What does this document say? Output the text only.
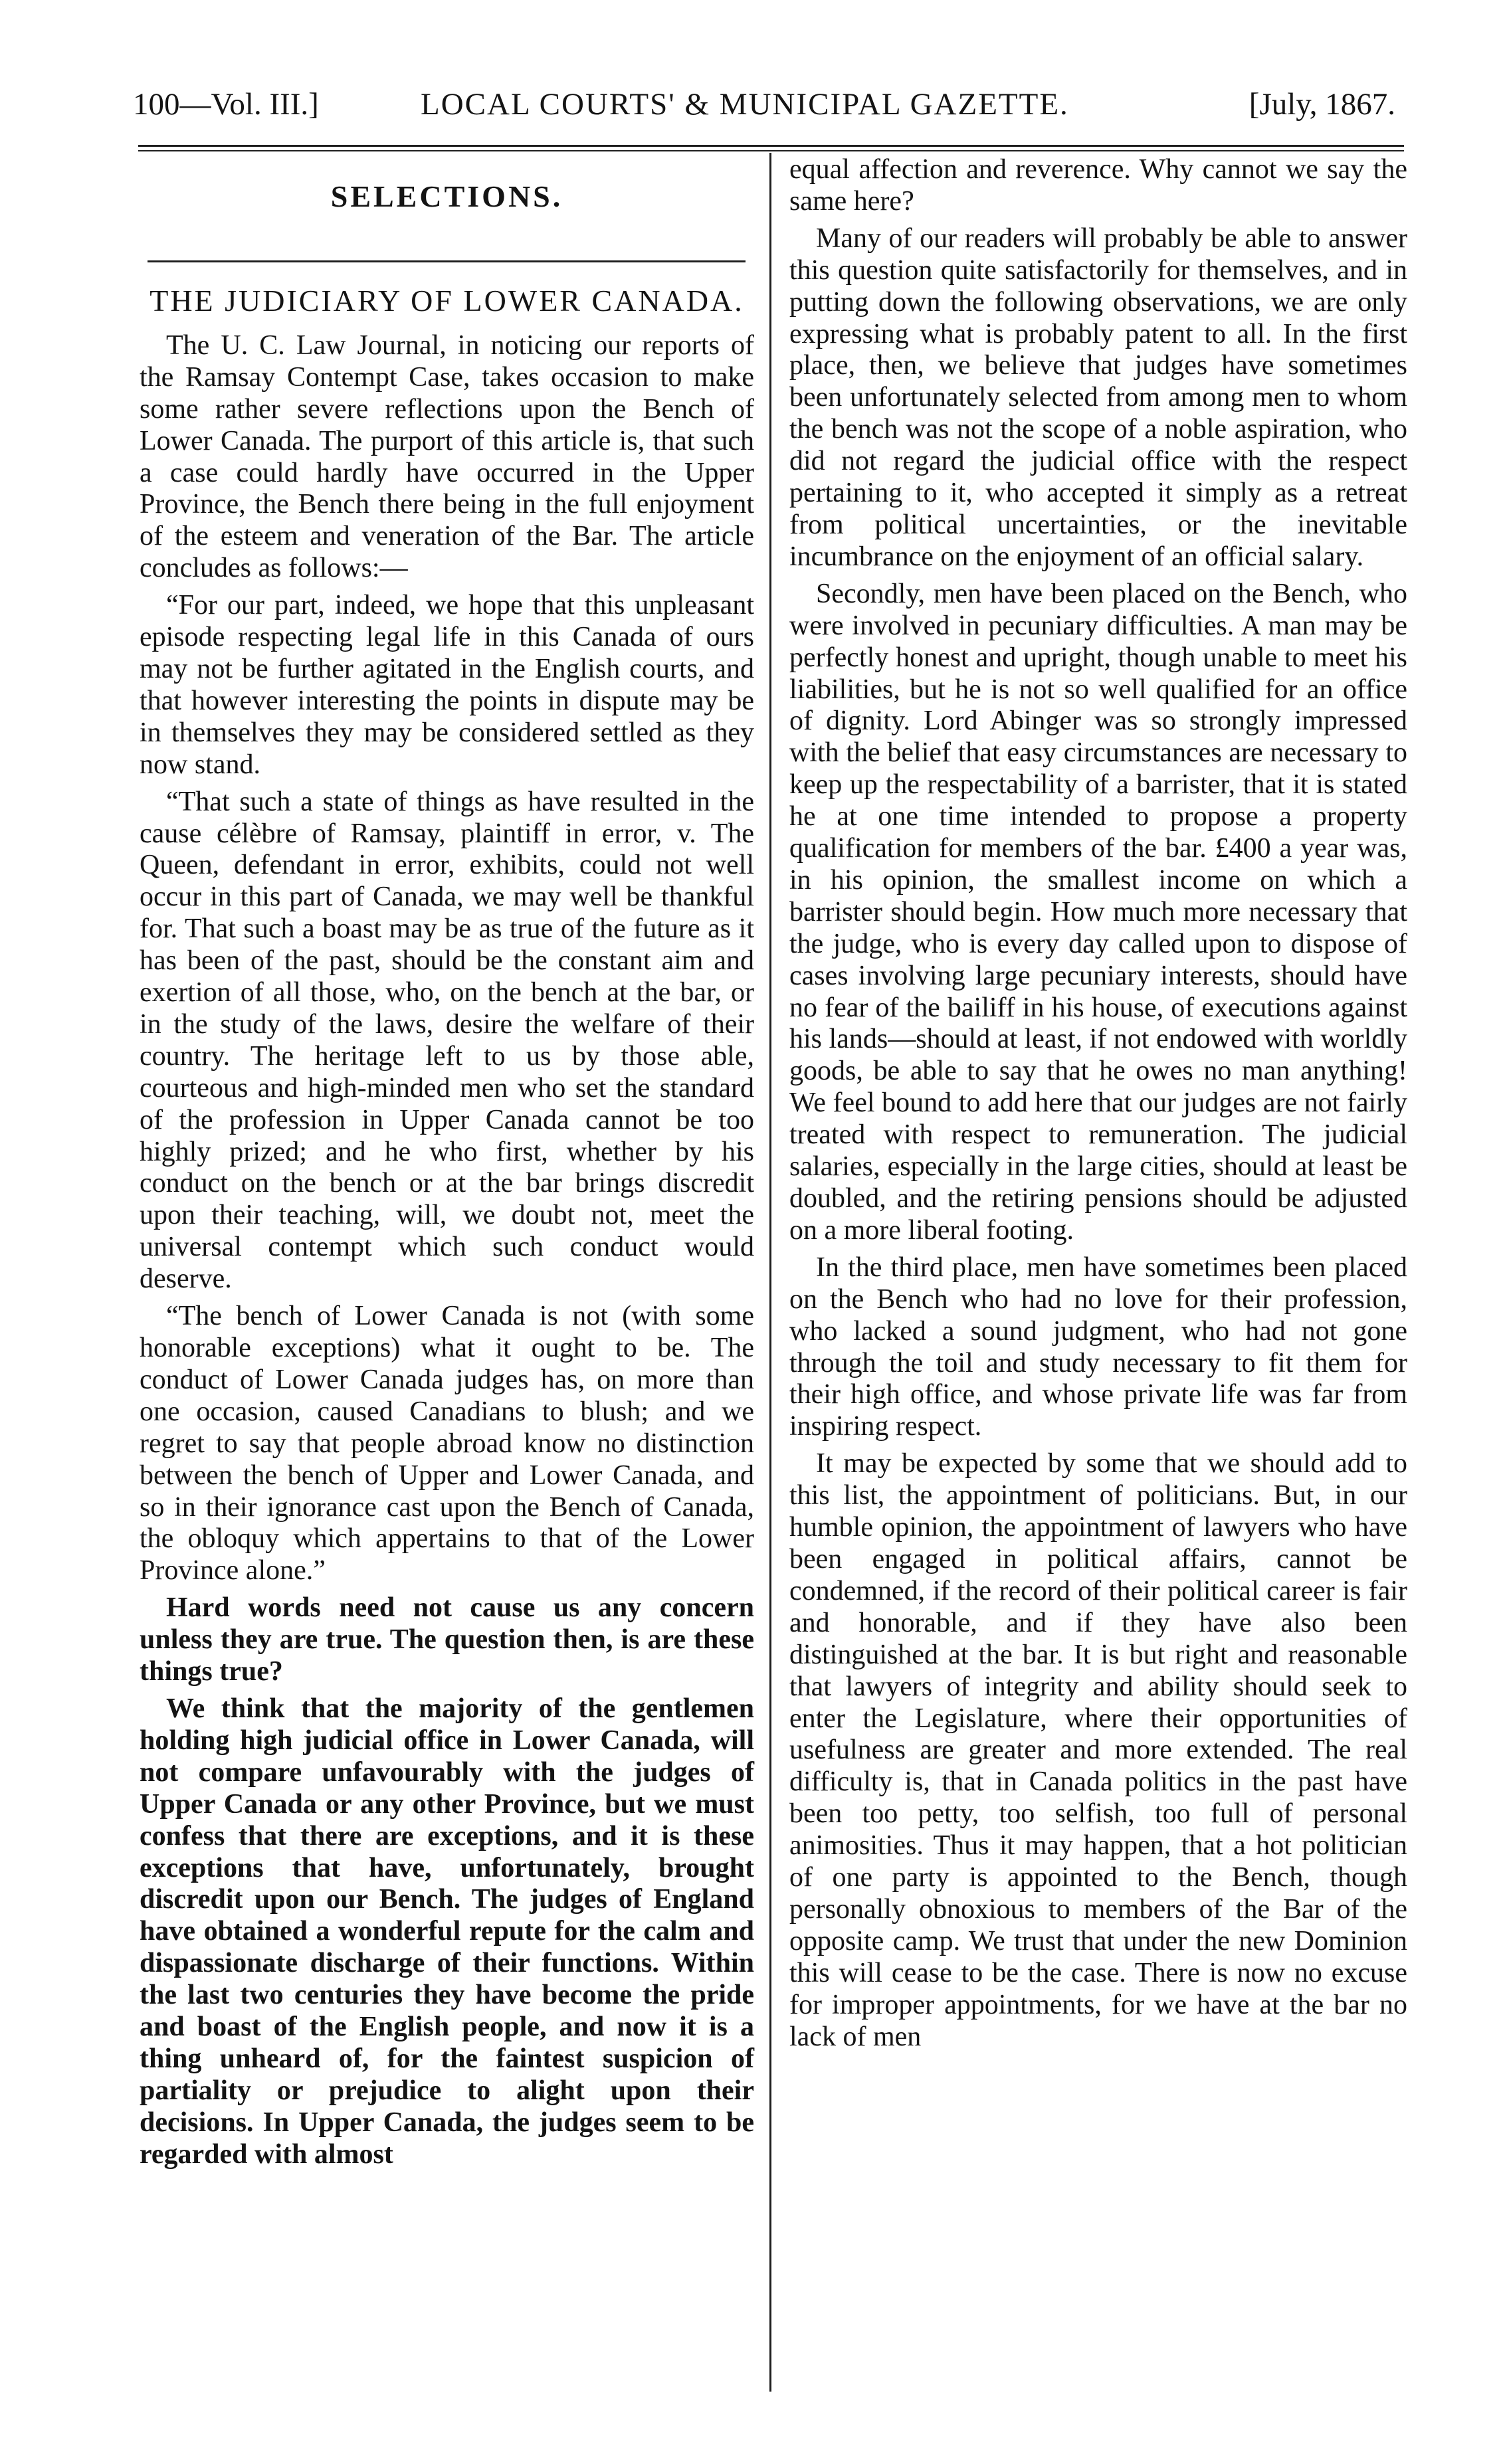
100—Vol. III.]	LOCAL COURTS' & MUNICIPAL GAZETTE.	[July, 1867.
SELECTIONS.
THE JUDICIARY OF LOWER CANADA.

The U. C. Law Journal, in noticing our reports of the Ramsay Contempt Case, takes occasion to make some rather severe reflections upon the Bench of Lower Canada. The purport of this article is, that such a case could hardly have occurred in the Upper Province, the Bench there being in the full enjoyment of the esteem and veneration of the Bar. The article concludes as follows:—

“For our part, indeed, we hope that this unpleasant episode respecting legal life in this Canada of ours may not be further agitated in the English courts, and that however interesting the points in dispute may be in themselves they may be considered settled as they now stand.

“That such a state of things as have resulted in the cause célèbre of Ramsay, plaintiff in error, v. The Queen, defendant in error, exhibits, could not well occur in this part of Canada, we may well be thankful for. That such a boast may be as true of the future as it has been of the past, should be the constant aim and exertion of all those, who, on the bench at the bar, or in the study of the laws, desire the welfare of their country. The heritage left to us by those able, courteous and high-minded men who set the standard of the profession in Upper Canada cannot be too highly prized; and he who first, whether by his conduct on the bench or at the bar brings discredit upon their teaching, will, we doubt not, meet the universal contempt which such conduct would deserve.

“The bench of Lower Canada is not (with some honorable exceptions) what it ought to be. The conduct of Lower Canada judges has, on more than one occasion, caused Canadians to blush; and we regret to say that people abroad know no distinction between the bench of Upper and Lower Canada, and so in their ignorance cast upon the Bench of Canada, the obloquy which appertains to that of the Lower Province alone.”

Hard words need not cause us any concern unless they are true. The question then, is are these things true?

We think that the majority of the gentlemen holding high judicial office in Lower Canada, will not compare unfavourably with the judges of Upper Canada or any other Province, but we must confess that there are exceptions, and it is these exceptions that have, unfortunately, brought discredit upon our Bench. The judges of England have obtained a wonderful repute for the calm and dispassionate discharge of their functions. Within the last two centuries they have become the pride and boast of the English people, and now it is a thing unheard of, for the faintest suspicion of partiality or prejudice to alight upon their decisions. In Upper Canada, the judges seem to be regarded with almost

equal affection and reverence. Why cannot we say the same here?

Many of our readers will probably be able to answer this question quite satisfactorily for themselves, and in putting down the following observations, we are only expressing what is probably patent to all. In the first place, then, we believe that judges have sometimes been unfortunately selected from among men to whom the bench was not the scope of a noble aspiration, who did not regard the judicial office with the respect pertaining to it, who accepted it simply as a retreat from political uncertainties, or the inevitable incumbrance on the enjoyment of an official salary.

Secondly, men have been placed on the Bench, who were involved in pecuniary difficulties. A man may be perfectly honest and upright, though unable to meet his liabilities, but he is not so well qualified for an office of dignity. Lord Abinger was so strongly impressed with the belief that easy circumstances are necessary to keep up the respectability of a barrister, that it is stated he at one time intended to propose a property qualification for members of the bar. £400 a year was, in his opinion, the smallest income on which a barrister should begin. How much more necessary that the judge, who is every day called upon to dispose of cases involving large pecuniary interests, should have no fear of the bailiff in his house, of executions against his lands—should at least, if not endowed with worldly goods, be able to say that he owes no man anything! We feel bound to add here that our judges are not fairly treated with respect to remuneration. The judicial salaries, especially in the large cities, should at least be doubled, and the retiring pensions should be adjusted on a more liberal footing.

In the third place, men have sometimes been placed on the Bench who had no love for their profession, who lacked a sound judgment, who had not gone through the toil and study necessary to fit them for their high office, and whose private life was far from inspiring respect.

It may be expected by some that we should add to this list, the appointment of politicians. But, in our humble opinion, the appointment of lawyers who have been engaged in political affairs, cannot be condemned, if the record of their political career is fair and honorable, and if they have also been distinguished at the bar. It is but right and reasonable that lawyers of integrity and ability should seek to enter the Legislature, where their opportunities of usefulness are greater and more extended. The real difficulty is, that in Canada politics in the past have been too petty, too selfish, too full of personal animosities. Thus it may happen, that a hot politician of one party is appointed to the Bench, though personally obnoxious to members of the Bar of the opposite camp. We trust that under the new Dominion this will cease to be the case. There is now no excuse for improper appointments, for we have at the bar no lack of men
